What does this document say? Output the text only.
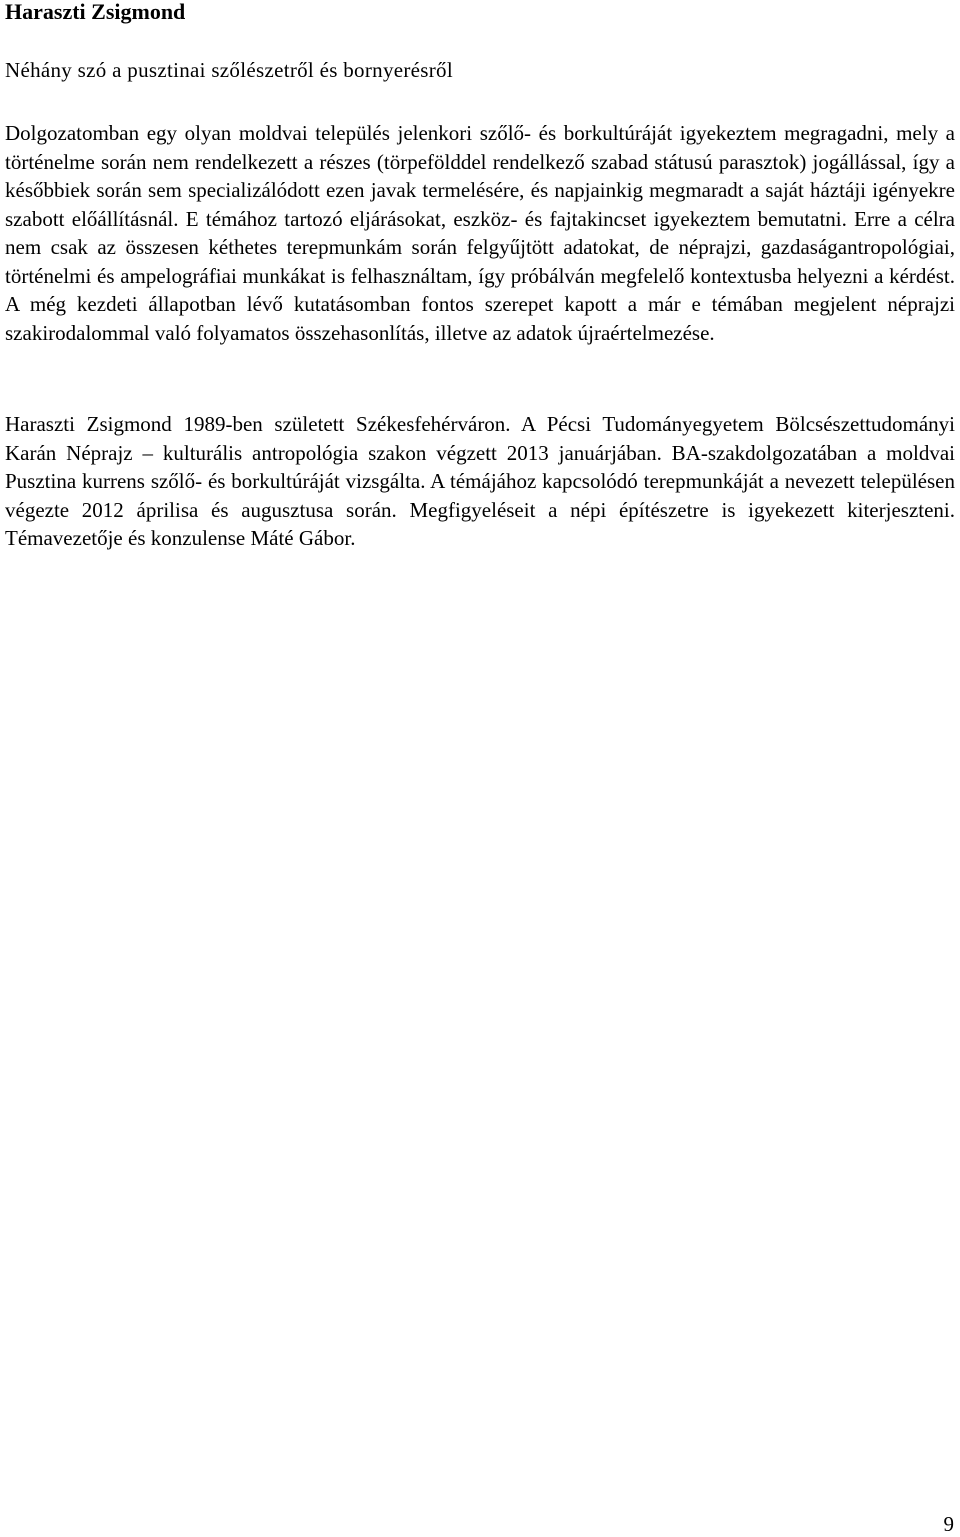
Haraszti Zsigmond
Néhány szó a pusztinai szőlészetről és bornyerésről

Dolgozatomban egy olyan moldvai település jelenkori szőlő- és borkultúráját igyekeztem megragadni, mely a történelme során nem rendelkezett a részes (törpefölddel rendelkező szabad státusú parasztok) jogállással, így a későbbiek során sem specializálódott ezen javak termelésére, és napjainkig megmaradt a saját háztáji igényekre szabott előállításnál. E témához tartozó eljárásokat, eszköz- és fajtakincset igyekeztem bemutatni. Erre a célra nem csak az összesen kéthetes terepmunkám során felgyűjtött adatokat, de néprajzi, gazdaságantropológiai, történelmi és ampelográfiai munkákat is felhasználtam, így próbálván megfelelő kontextusba helyezni a kérdést. A még kezdeti állapotban lévő kutatásomban fontos szerepet kapott a már e témában megjelent néprajzi szakirodalommal való folyamatos összehasonlítás, illetve az adatok újraértelmezése.

Haraszti Zsigmond 1989-ben született Székesfehérváron. A Pécsi Tudományegyetem Bölcsészettudományi Karán Néprajz – kulturális antropológia szakon végzett 2013 januárjában. BA-szakdolgozatában a moldvai Pusztina kurrens szőlő- és borkultúráját vizsgálta. A témájához kapcsolódó terepmunkáját a nevezett településen végezte 2012 áprilisa és augusztusa során. Megfigyeléseit a népi építészetre is igyekezett kiterjeszteni. Témavezetője és konzulense Máté Gábor.

9
